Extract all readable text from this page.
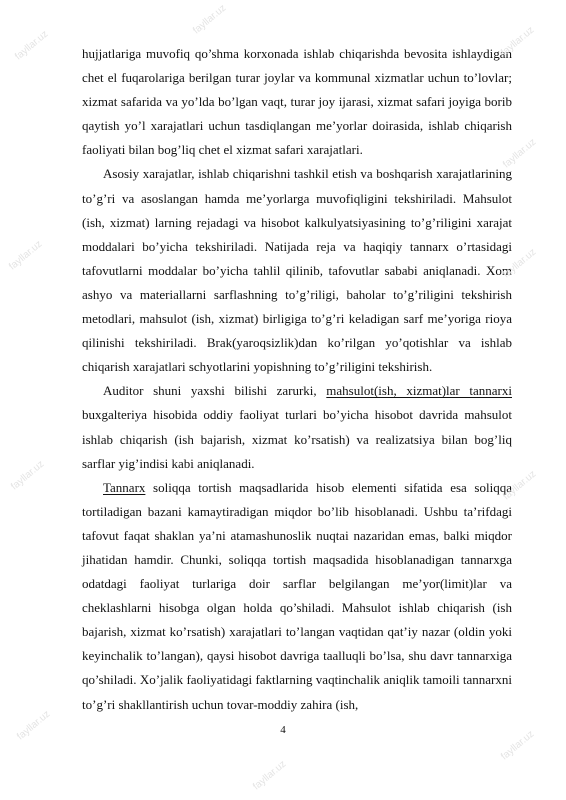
hujjatlariga muvofiq qo’shma korxonada ishlab chiqarishda bevosita ishlaydigan chet el fuqarolariga berilgan turar joylar va kommunal xizmatlar uchun to’lovlar; xizmat safarida va yo’lda bo’lgan vaqt, turar joy ijarasi, xizmat safari joyiga borib qaytish yo’l xarajatlari uchun tasdiqlangan me’yorlar doirasida, ishlab chiqarish faoliyati bilan bog’liq chet el xizmat safari xarajatlari.

Asosiy xarajatlar, ishlab chiqarishni tashkil etish va boshqarish xarajatlarining to’g’ri va asoslangan hamda me’yorlarga muvofiqligini tekshiriladi. Mahsulot (ish, xizmat) larning rejadagi va hisobot kalkulyatsiyasining to’g’riligini xarajat moddalari bo’yicha tekshiriladi. Natijada reja va haqiqiy tannarx o’rtasidagi tafovutlarni moddalar bo’yicha tahlil qilinib, tafovutlar sababi aniqlanadi. Xom ashyo va materiallarni sarflashning to’g’riligi, baholar to’g’riligini tekshirish metodlari, mahsulot (ish, xizmat) birligiga to’g’ri keladigan sarf me’yoriga rioya qilinishi tekshiriladi. Brak(yaroqsizlik)dan ko’rilgan yo’qotishlar va ishlab chiqarish xarajatlari schyotlarini yopishning to’g’riligini tekshirish.

Auditor shuni yaxshi bilishi zarurki, mahsulot(ish, xizmat)lar tannarxi buxgalteriya hisobida oddiy faoliyat turlari bo’yicha hisobot davrida mahsulot ishlab chiqarish (ish bajarish, xizmat ko’rsatish) va realizatsiya bilan bog’liq sarflar yig’indisi kabi aniqlanadi.

Tannarx soliqqa tortish maqsadlarida hisob elementi sifatida esa soliqqa tortiladigan bazani kamaytiradigan miqdor bo’lib hisoblanadi. Ushbu ta’rifdagi tafovut faqat shaklan ya’ni atamashunoslik nuqtai nazaridan emas, balki miqdor jihatidan hamdir. Chunki, soliqqa tortish maqsadida hisoblanadigan tannarxga odatdagi faoliyat turlariga doir sarflar belgilangan me’yor(limit)lar va cheklashlarni hisobga olgan holda qo’shiladi. Mahsulot ishlab chiqarish (ish bajarish, xizmat ko’rsatish) xarajatlari to’langan vaqtidan qat’iy nazar (oldin yoki keyinchalik to’langan), qaysi hisobot davriga taalluqli bo’lsa, shu davr tannarxiga qo’shiladi. Xo’jalik faoliyatidagi faktlarning vaqtinchalik aniqlik tamoili tannarxni to’g’ri shakllantirish uchun tovar-moddiy zahira (ish,

4
fayllar.uz
fayllar.uz
fayllar.uz
fayllar.uz
fayllar.uz	fayllar.uz
fayllar.uz	fayllar.uz
fayllar.uz
fayllar.uz
fayllar.uz
